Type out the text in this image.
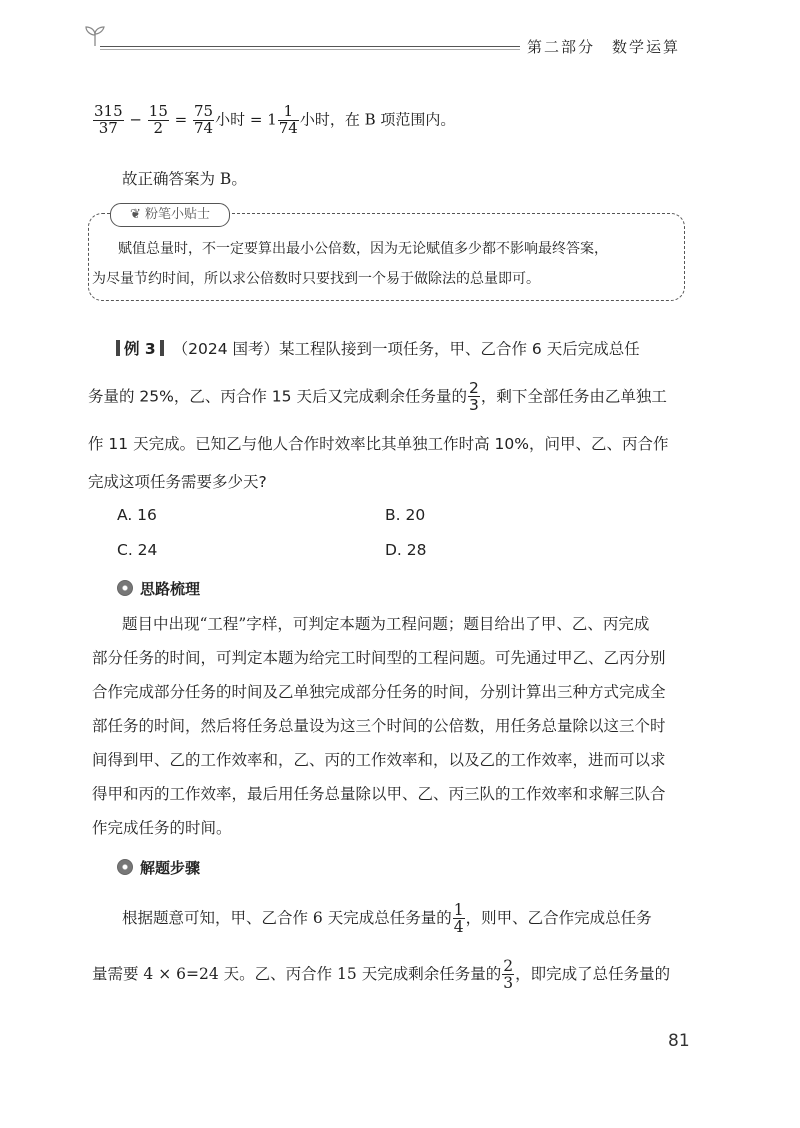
第二部分　数学运算
$\frac{315}{37} - \frac{15}{2} = \frac{75}{74}$ 小时 = $1 \frac{1}{74}$ 小时，在 B 项范围内。
故正确答案为 B。
❦ 粉笔小贴士
赋值总量时，不一定要算出最小公倍数，因为无论赋值多少都不影响最终答案，
为尽量节约时间，所以求公倍数时只要找到一个易于做除法的总量即可。
例 3 （2024 国考）某工程队接到一项任务，甲、乙合作 6 天后完成总任
务量的 25%，乙、丙合作 15 天后又完成剩余任务量的 $\frac{2}{3}$ ，剩下全部任务由乙单独工
作 11 天完成。已知乙与他人合作时效率比其单独工作时高 10%，问甲、乙、丙合作
完成这项任务需要多少天?
A. 16	B. 20
C. 24	D. 28
思路梳理
题目中出现“工程”字样，可判定本题为工程问题；题目给出了甲、乙、丙完成
部分任务的时间，可判定本题为给完工时间型的工程问题。可先通过甲乙、乙丙分别
合作完成部分任务的时间及乙单独完成部分任务的时间，分别计算出三种方式完成全
部任务的时间，然后将任务总量设为这三个时间的公倍数，用任务总量除以这三个时
间得到甲、乙的工作效率和，乙、丙的工作效率和，以及乙的工作效率，进而可以求
得甲和丙的工作效率，最后用任务总量除以甲、乙、丙三队的工作效率和求解三队合
作完成任务的时间。
解题步骤
根据题意可知，甲、乙合作 6 天完成总任务量的 $\frac{1}{4}$ ，则甲、乙合作完成总任务
量需要 4 × 6=24 天。乙、丙合作 15 天完成剩余任务量的 $\frac{2}{3}$ ，即完成了总任务量的
81
